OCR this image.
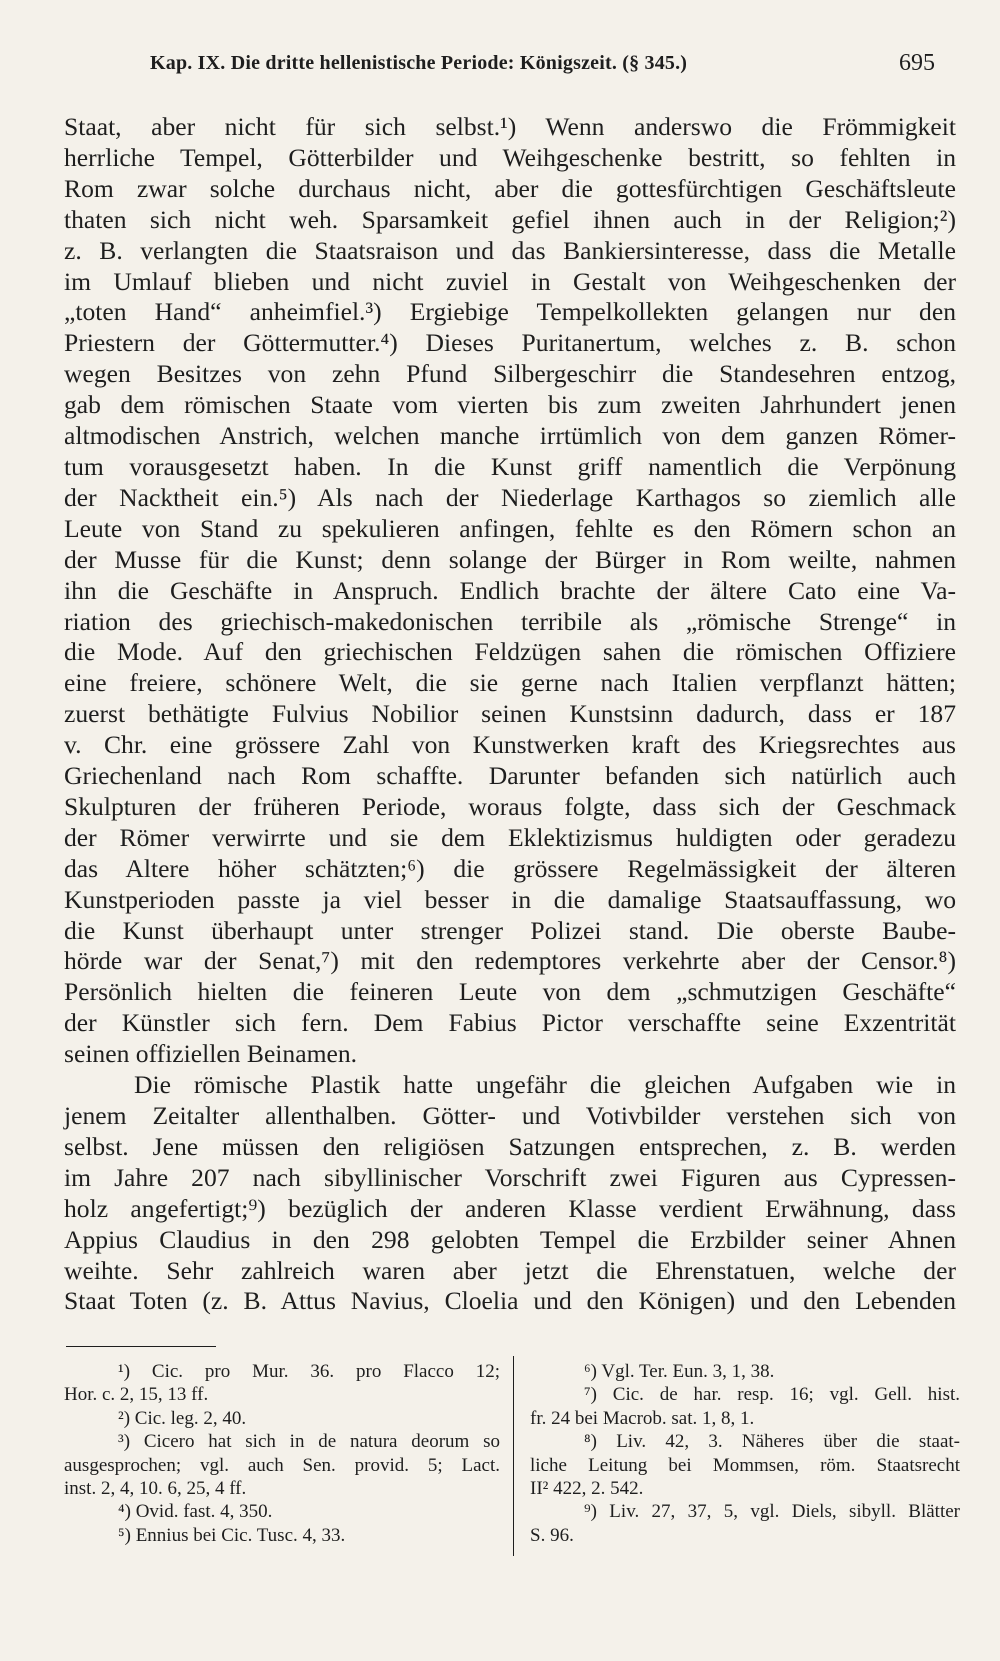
Kap. IX. Die dritte hellenistische Periode: Königszeit. (§ 345.)	695
Staat, aber nicht für sich selbst.¹) Wenn anderswo die Frömmigkeit
herrliche Tempel, Götterbilder und Weihgeschenke bestritt, so fehlten in
Rom zwar solche durchaus nicht, aber die gottesfürchtigen Geschäftsleute
thaten sich nicht weh. Sparsamkeit gefiel ihnen auch in der Religion;²)
z. B. verlangten die Staatsraison und das Bankiersinteresse, dass die Metalle
im Umlauf blieben und nicht zuviel in Gestalt von Weihgeschenken der
„toten Hand“ anheimfiel.³) Ergiebige Tempelkollekten gelangen nur den
Priestern der Göttermutter.⁴) Dieses Puritanertum, welches z. B. schon
wegen Besitzes von zehn Pfund Silbergeschirr die Standesehren entzog,
gab dem römischen Staate vom vierten bis zum zweiten Jahrhundert jenen
altmodischen Anstrich, welchen manche irrtümlich von dem ganzen Römer-
tum vorausgesetzt haben. In die Kunst griff namentlich die Verpönung
der Nacktheit ein.⁵) Als nach der Niederlage Karthagos so ziemlich alle
Leute von Stand zu spekulieren anfingen, fehlte es den Römern schon an
der Musse für die Kunst; denn solange der Bürger in Rom weilte, nahmen
ihn die Geschäfte in Anspruch. Endlich brachte der ältere Cato eine Va-
riation des griechisch-makedonischen terribile als „römische Strenge“ in
die Mode. Auf den griechischen Feldzügen sahen die römischen Offiziere
eine freiere, schönere Welt, die sie gerne nach Italien verpflanzt hätten;
zuerst bethätigte Fulvius Nobilior seinen Kunstsinn dadurch, dass er 187
v. Chr. eine grössere Zahl von Kunstwerken kraft des Kriegsrechtes aus
Griechenland nach Rom schaffte. Darunter befanden sich natürlich auch
Skulpturen der früheren Periode, woraus folgte, dass sich der Geschmack
der Römer verwirrte und sie dem Eklektizismus huldigten oder geradezu
das Altere höher schätzten;⁶) die grössere Regelmässigkeit der älteren
Kunstperioden passte ja viel besser in die damalige Staatsauffassung, wo
die Kunst überhaupt unter strenger Polizei stand. Die oberste Baube-
hörde war der Senat,⁷) mit den redemptores verkehrte aber der Censor.⁸)
Persönlich hielten die feineren Leute von dem „schmutzigen Geschäfte“
der Künstler sich fern. Dem Fabius Pictor verschaffte seine Exzentrität
seinen offiziellen Beinamen.
Die römische Plastik hatte ungefähr die gleichen Aufgaben wie in
jenem Zeitalter allenthalben. Götter- und Votivbilder verstehen sich von
selbst. Jene müssen den religiösen Satzungen entsprechen, z. B. werden
im Jahre 207 nach sibyllinischer Vorschrift zwei Figuren aus Cypressen-
holz angefertigt;⁹) bezüglich der anderen Klasse verdient Erwähnung, dass
Appius Claudius in den 298 gelobten Tempel die Erzbilder seiner Ahnen
weihte. Sehr zahlreich waren aber jetzt die Ehrenstatuen, welche der
Staat Toten (z. B. Attus Navius, Cloelia und den Königen) und den Lebenden
¹) Cic. pro Mur. 36. pro Flacco 12;
Hor. c. 2, 15, 13 ff.
²) Cic. leg. 2, 40.
³) Cicero hat sich in de natura deorum so
ausgesprochen; vgl. auch Sen. provid. 5; Lact.
inst. 2, 4, 10. 6, 25, 4 ff.
⁴) Ovid. fast. 4, 350.
⁵) Ennius bei Cic. Tusc. 4, 33.
⁶) Vgl. Ter. Eun. 3, 1, 38.
⁷) Cic. de har. resp. 16; vgl. Gell. hist.
fr. 24 bei Macrob. sat. 1, 8, 1.
⁸) Liv. 42, 3. Näheres über die staat-
liche Leitung bei Mommsen, röm. Staatsrecht
II² 422, 2. 542.
⁹) Liv. 27, 37, 5, vgl. Diels, sibyll. Blätter
S. 96.
